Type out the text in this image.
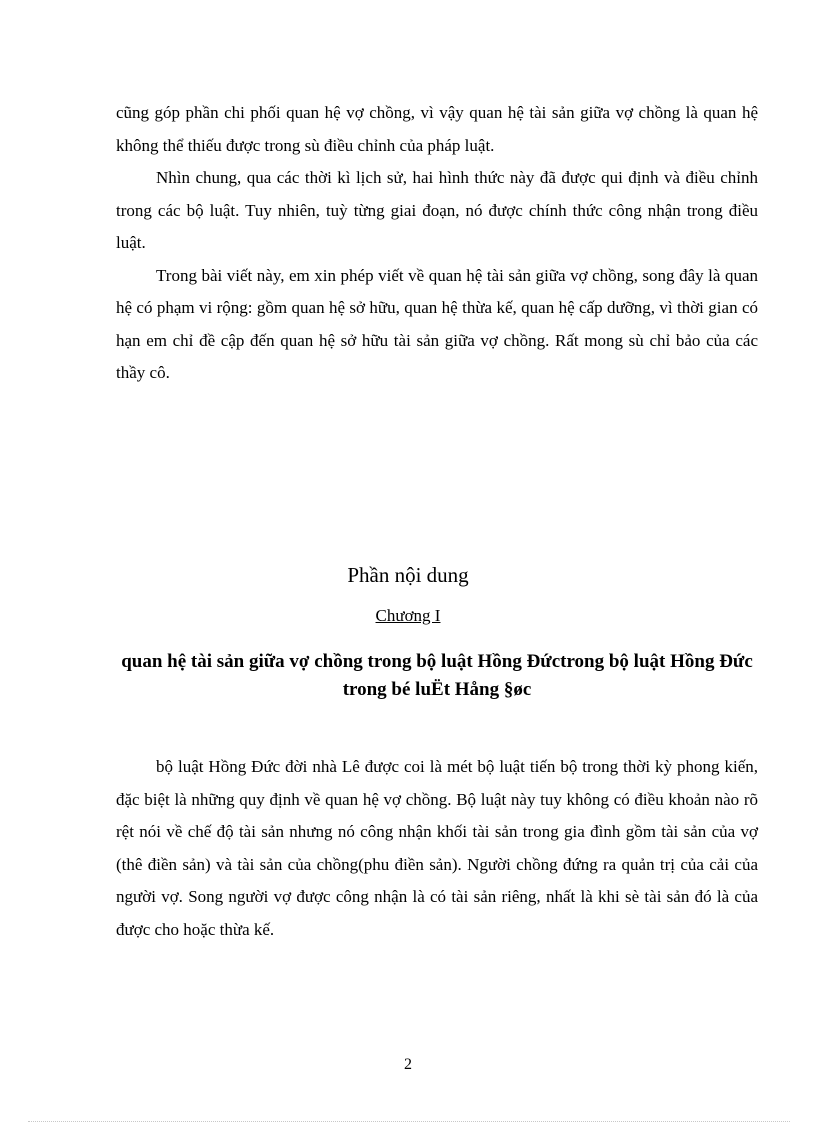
cũng góp phần chi phối quan hệ vợ chồng, vì vậy quan hệ tài sản giữa vợ chồng là quan hệ không thể thiếu được trong sù điều chỉnh của pháp luật.

Nhìn chung, qua các thời kì lịch sử, hai hình thức này đã được qui định và điều chỉnh trong các bộ luật. Tuy nhiên, tuỳ từng giai đoạn, nó được chính thức công nhận trong điều luật.

Trong bài viết này, em xin phép viết về quan hệ tài sản giữa vợ chồng, song đây là quan hệ có phạm vi rộng: gồm quan hệ sở hữu, quan hệ thừa kế, quan hệ cấp dưỡng, vì thời gian có hạn em chỉ đề cập đến quan hệ sở hữu tài sản giữa vợ chồng. Rất mong sù chỉ bảo của các thầy cô.

Phần nội dung
Chương I
quan hệ tài sản giữa vợ chồng trong bộ luật Hồng Đứctrong bộ luật Hồng Đức
trong bé luËt Hång §øc

bộ luật Hồng Đức đời nhà Lê được coi là mét bộ luật tiến bộ trong thời kỳ phong kiến, đặc biệt là những quy định về quan hệ vợ chồng. Bộ luật này tuy không có điều khoản nào rõ rệt nói về chế độ tài sản nhưng nó công nhận khối tài sản trong gia đình gồm tài sản của vợ (thê điền sản) và tài sản của chồng(phu điền sản). Người chồng đứng ra quản trị của cải của người vợ. Song người vợ được công nhận là có tài sản riêng, nhất là khi sè tài sản đó là của được cho hoặc thừa kế.

2
